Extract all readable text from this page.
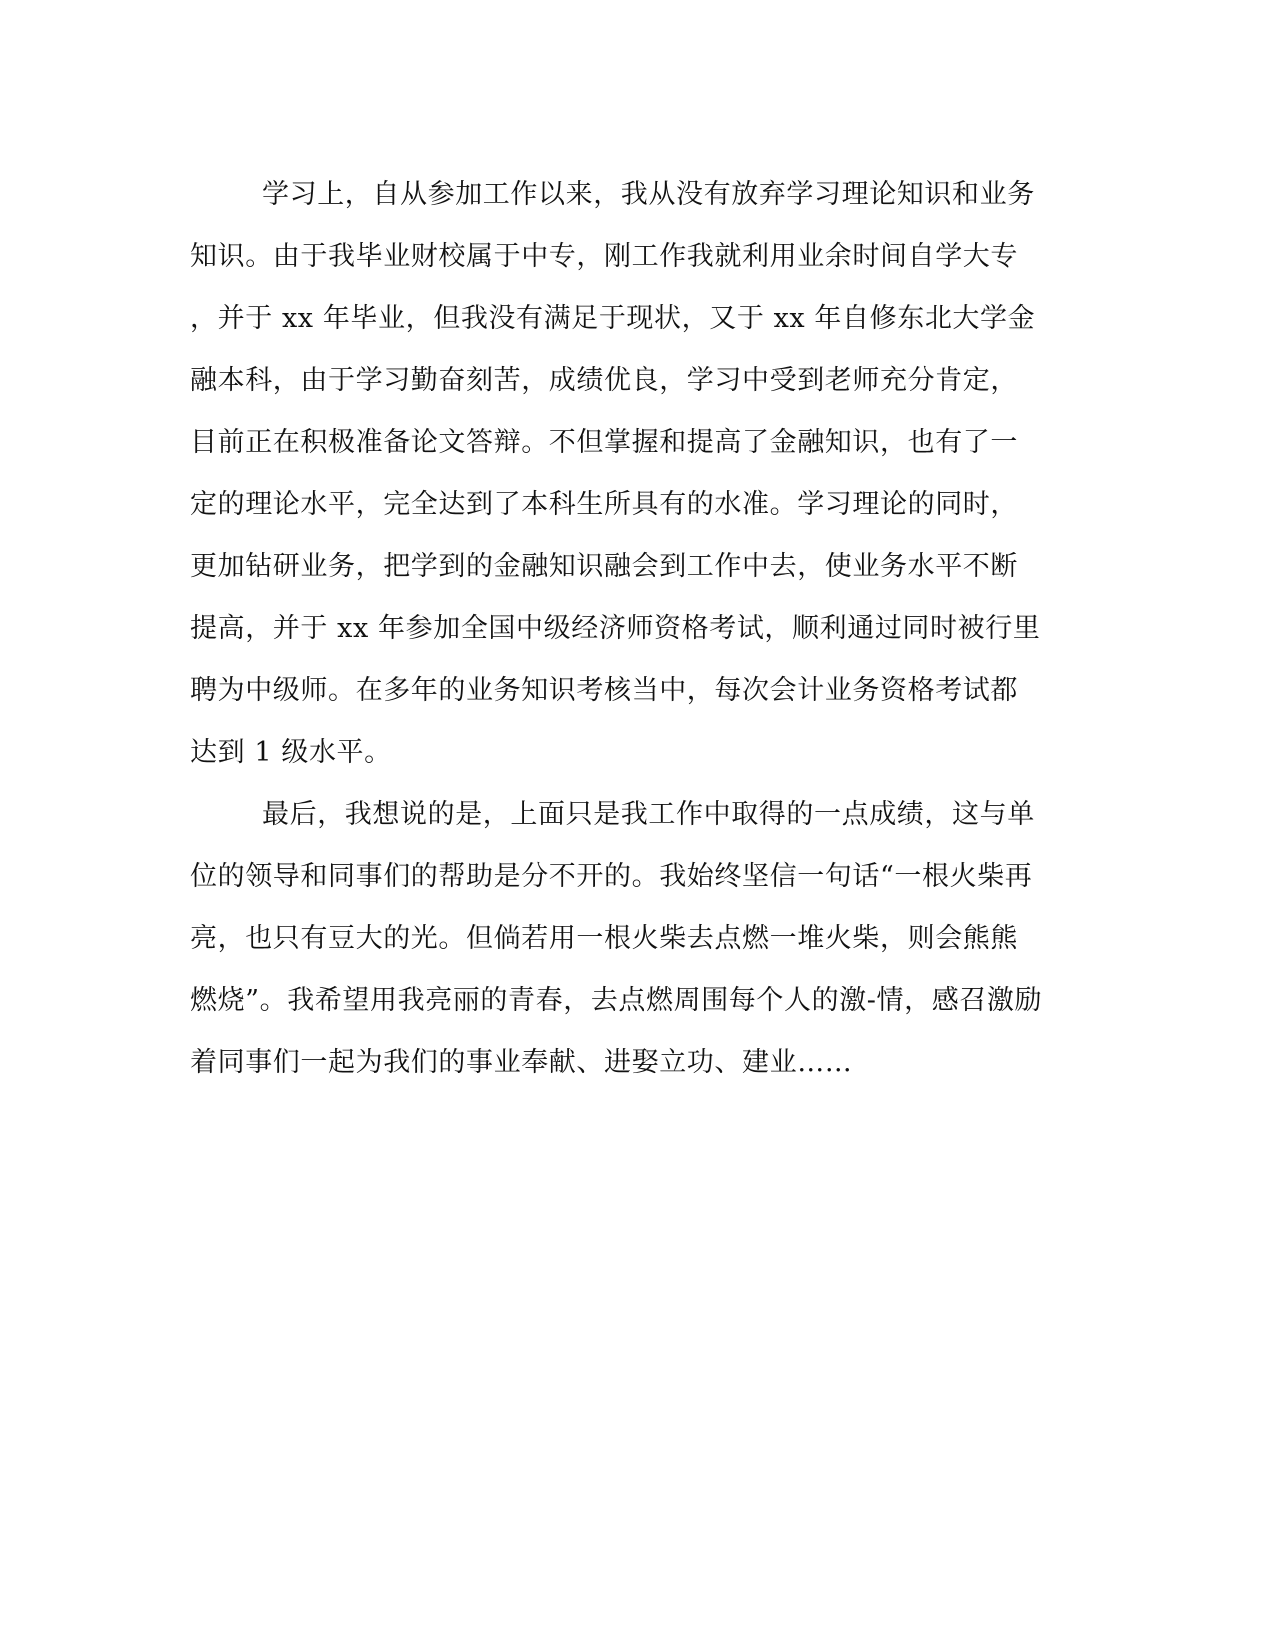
学习上，自从参加工作以来，我从没有放弃学习理论知识和业务
知识。由于我毕业财校属于中专，刚工作我就利用业余时间自学大专
，并于 xx 年毕业，但我没有满足于现状，又于 xx 年自修东北大学金
融本科，由于学习勤奋刻苦，成绩优良，学习中受到老师充分肯定，
目前正在积极准备论文答辩。不但掌握和提高了金融知识，也有了一
定的理论水平，完全达到了本科生所具有的水准。学习理论的同时，
更加钻研业务，把学到的金融知识融会到工作中去，使业务水平不断
提高，并于 xx 年参加全国中级经济师资格考试，顺利通过同时被行里
聘为中级师。在多年的业务知识考核当中，每次会计业务资格考试都
达到 1 级水平。
最后，我想说的是，上面只是我工作中取得的一点成绩，这与单
位的领导和同事们的帮助是分不开的。我始终坚信一句话“一根火柴再
亮，也只有豆大的光。但倘若用一根火柴去点燃一堆火柴，则会熊熊
燃烧”。我希望用我亮丽的青春，去点燃周围每个人的激-情，感召激励
着同事们一起为我们的事业奉献、进娶立功、建业……
